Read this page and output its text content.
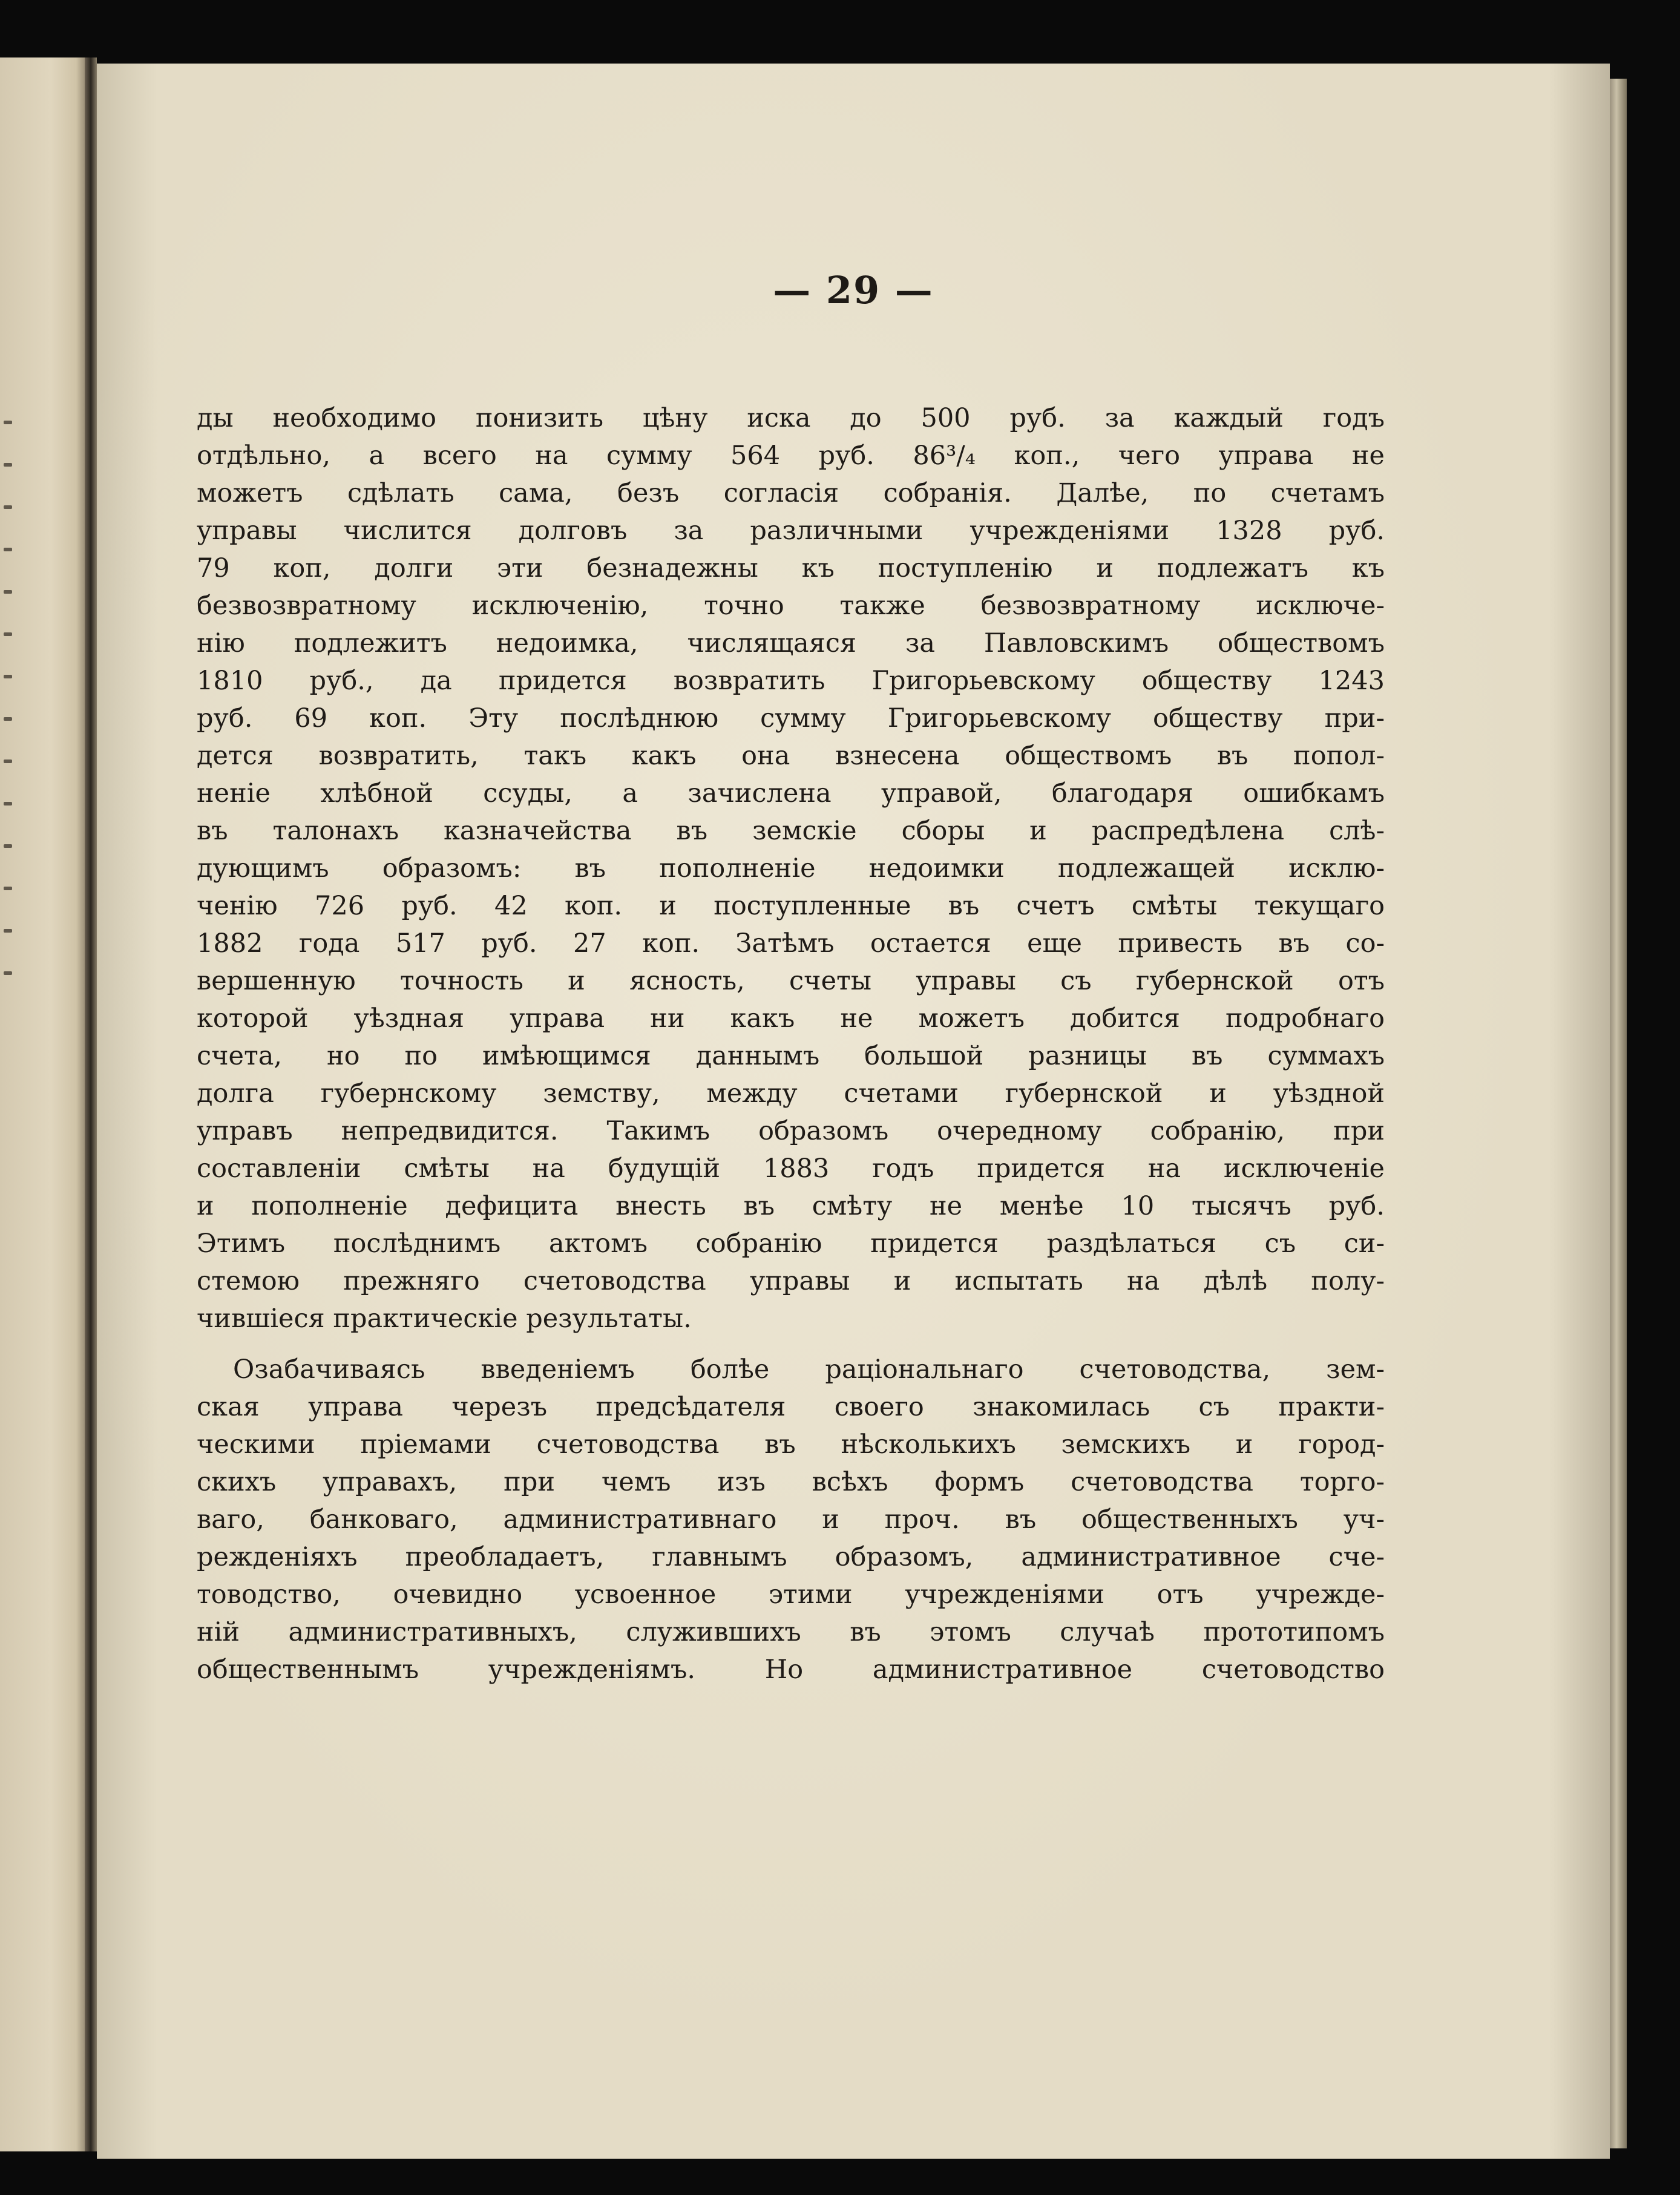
— 29 —
ды необходимо понизить цѣну иска до 500 руб. за каждый годъ
отдѣльно, а всего на сумму 564 руб. 86³/₄ коп., чего управа не
можетъ сдѣлать сама, безъ согласія собранія. Далѣе, по счетамъ
управы числится долговъ за различными учрежденіями 1328 руб.
79 коп, долги эти безнадежны къ поступленію и подлежатъ къ
безвозвратному исключенію, точно также безвозвратному исключе-
нію подлежитъ недоимка, числящаяся за Павловскимъ обществомъ
1810 руб., да придется возвратить Григорьевскому обществу 1243
руб. 69 коп. Эту послѣднюю сумму Григорьевскому обществу при-
дется возвратить, такъ какъ она взнесена обществомъ въ попол-
неніе хлѣбной ссуды, а зачислена управой, благодаря ошибкамъ
въ талонахъ казначейства въ земскіе сборы и распредѣлена слѣ-
дующимъ образомъ: въ пополненіе недоимки подлежащей исклю-
ченію 726 руб. 42 коп. и поступленные въ счетъ смѣты текущаго
1882 года 517 руб. 27 коп. Затѣмъ остается еще привесть въ со-
вершенную точность и ясность, счеты управы съ губернской отъ
которой уѣздная управа ни какъ не можетъ добится подробнаго
счета, но по имѣющимся даннымъ большой разницы въ суммахъ
долга губернскому земству, между счетами губернской и уѣздной
управъ непредвидится. Такимъ образомъ очередному собранію, при
составленіи смѣты на будущій 1883 годъ придется на исключеніе
и пополненіе дефицита внесть въ смѣту не менѣе 10 тысячъ руб.
Этимъ послѣднимъ актомъ собранію придется раздѣлаться съ си-
стемою прежняго счетоводства управы и испытать на дѣлѣ полу-
чившіеся практическіе результаты.
Озабачиваясь введеніемъ болѣе раціональнаго счетоводства, зем-
ская управа черезъ предсѣдателя своего знакомилась съ практи-
ческими пріемами счетоводства въ нѣсколькихъ земскихъ и город-
скихъ управахъ, при чемъ изъ всѣхъ формъ счетоводства торго-
ваго, банковаго, административнаго и проч. въ общественныхъ уч-
режденіяхъ преобладаетъ, главнымъ образомъ, административное сче-
товодство, очевидно усвоенное этими учрежденіями отъ учрежде-
ній административныхъ, служившихъ въ этомъ случаѣ прототипомъ
общественнымъ учрежденіямъ. Но административное счетоводство
